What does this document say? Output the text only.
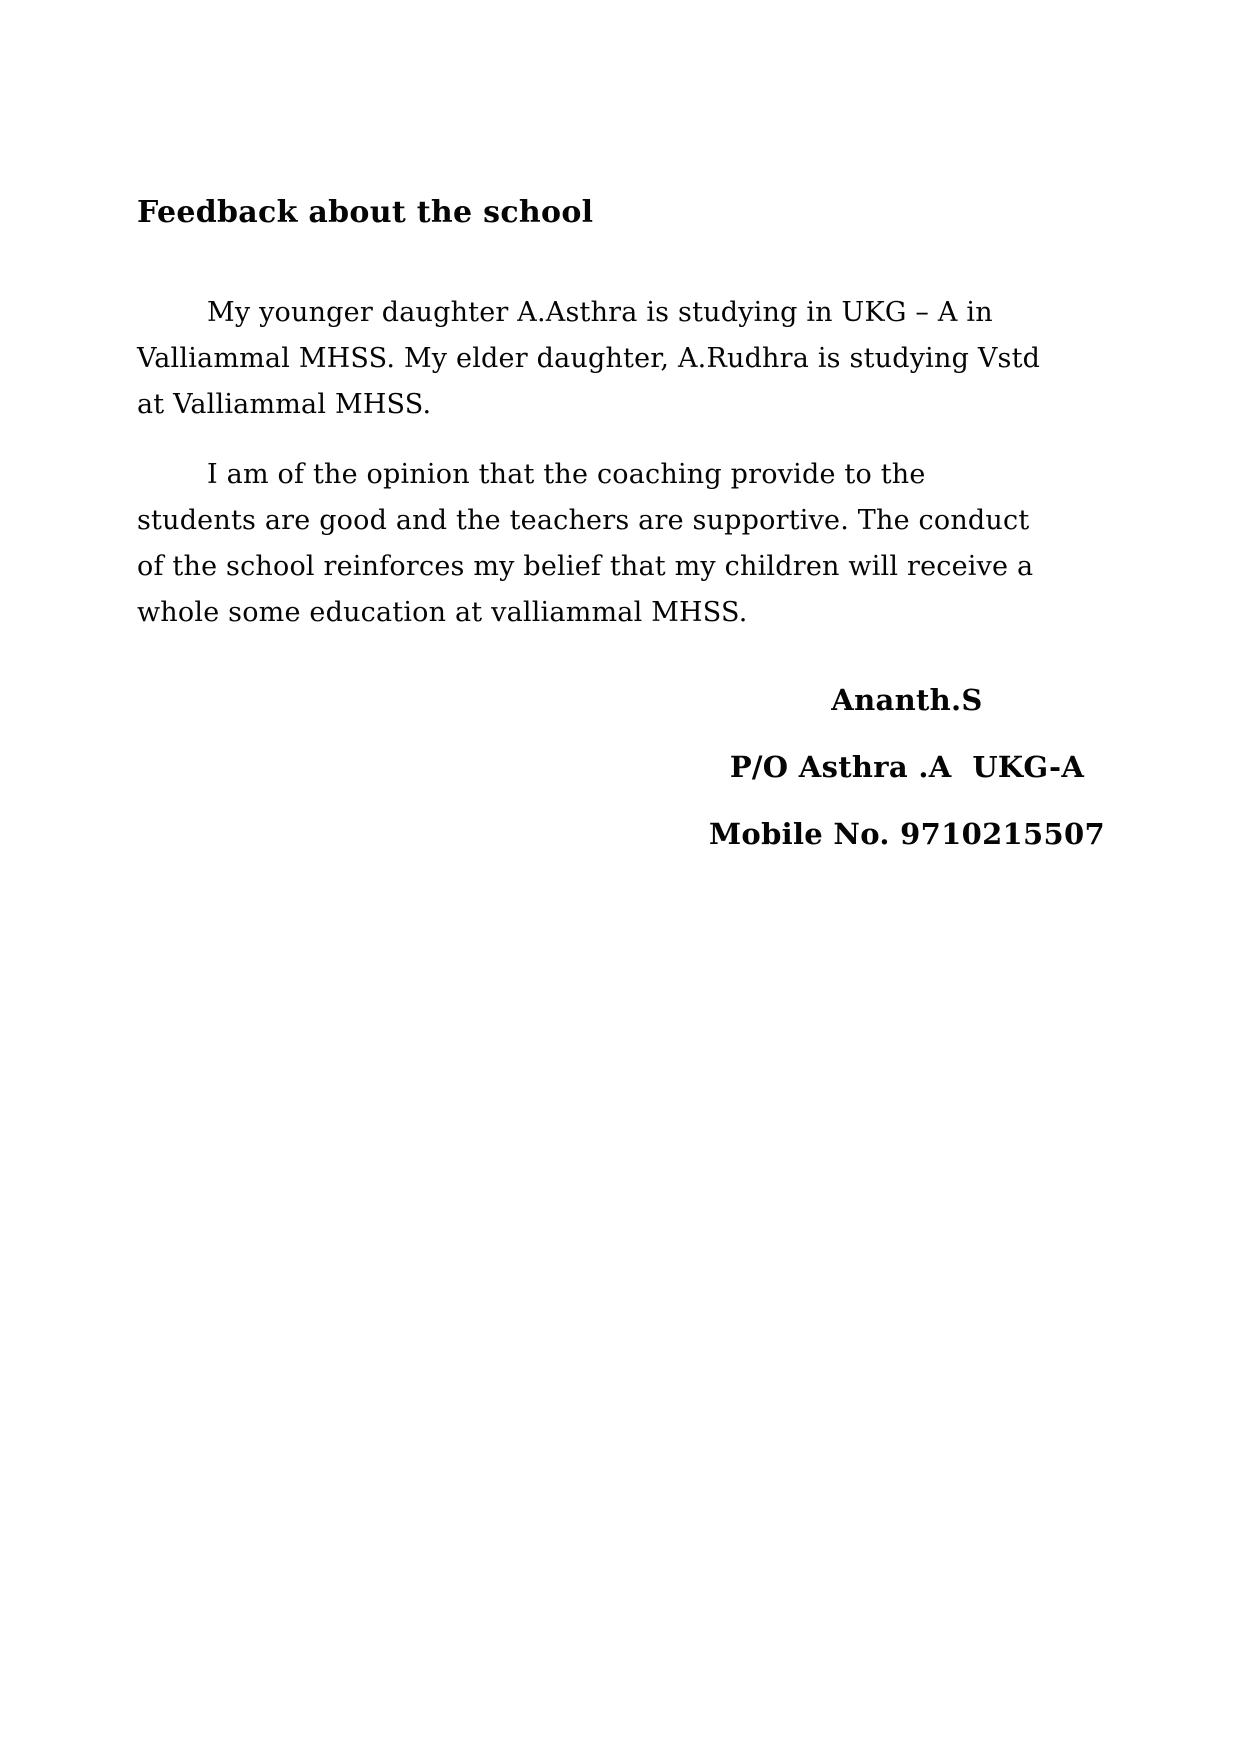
Feedback about the school

My younger daughter A.Asthra is studying in UKG – A in
Valliammal MHSS. My elder daughter, A.Rudhra is studying Vstd
at Valliammal MHSS.

I am of the opinion that the coaching provide to the
students are good and the teachers are supportive. The conduct
of the school reinforces my belief that my children will receive a
whole some education at valliammal MHSS.

Ananth.S
P/O Asthra .A  UKG-A
Mobile No. 9710215507
